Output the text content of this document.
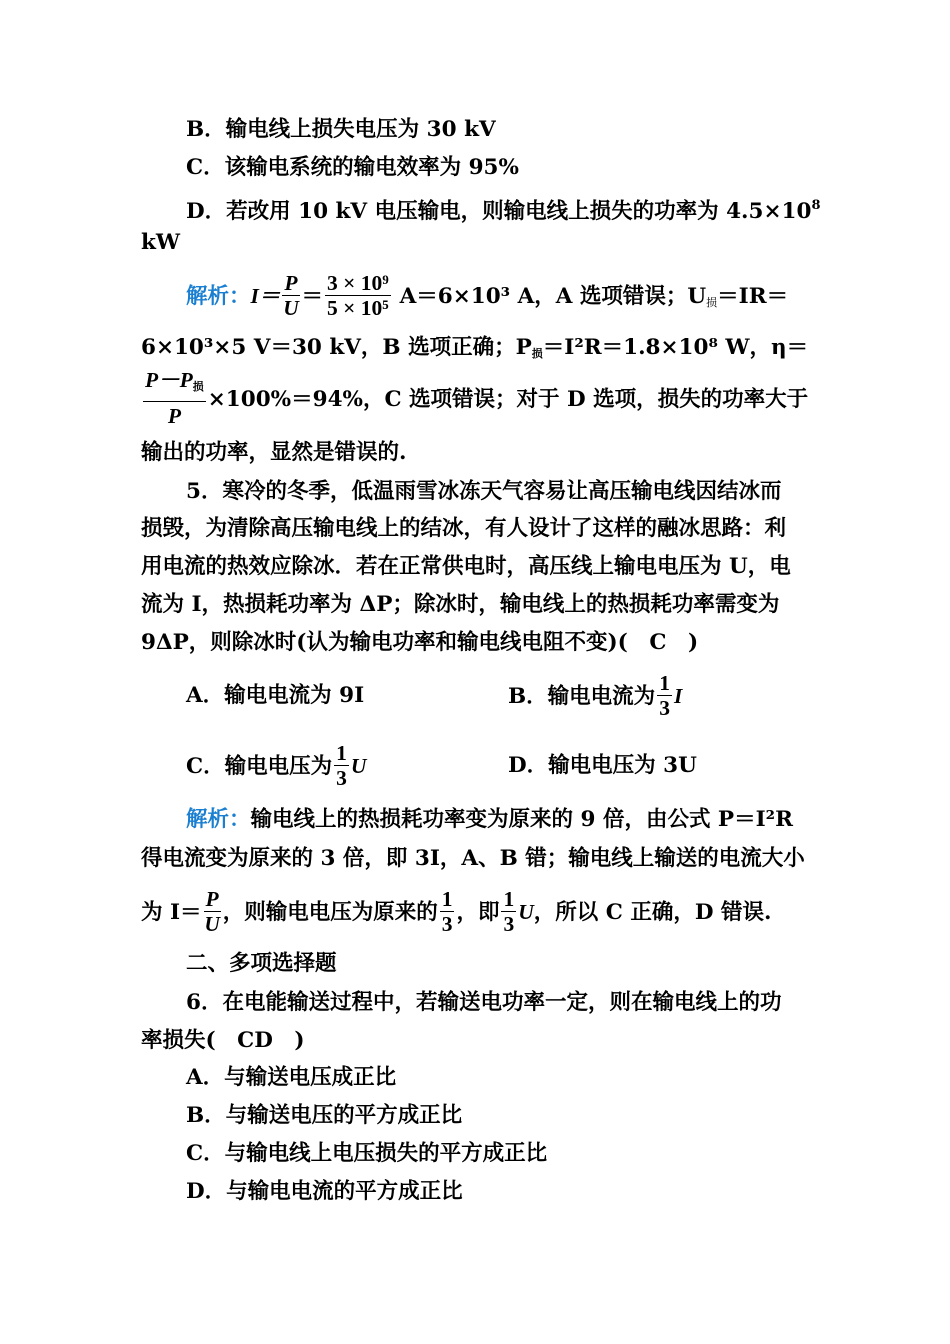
B．输电线上损失电压为 30 kV
C．该输电系统的输电效率为 95%
D．若改用 10 kV 电压输电，则输电线上损失的功率为 $4.5\times 10^8$
kW
解析：$I= \frac{P}{U} = \frac{\text{3 × 10⁹}}{\text{5 × 10⁵}} A=6\times 10^3$ A，A 选项错误；$U_损=IR=$
6×10³×5 V＝30 kV，B 选项正确；$P_损=I^2R=1.8\times 10^8$ W，η＝
$\frac{P-P_损}{P} \times 100\%=94\%$，C 选项错误；对于 D 选项，损失的功率大于
输出的功率，显然是错误的.
5．寒冷的冬季，低温雨雪冰冻天气容易让高压输电线因结冰而
损毁，为清除高压输电线上的结冰，有人设计了这样的融冰思路：利
用电流的热效应除冰．若在正常供电时，高压线上输电电压为 U，电
流为 I，热损耗功率为 ΔP；除冰时，输电线上的热损耗功率需变为
9ΔP，则除冰时(认为输电功率和输电线电阻不变)(　C　)
A．输电电流为 9I	B．输电电流为 $\frac{1}{3}$ I
C．输电电压为 $\frac{1}{3}$ U	D．输电电压为 3U
解析：输电线上的热损耗功率变为原来的 9 倍，由公式 P＝I²R
得电流变为原来的 3 倍，即 3I，A、B 错；输电线上输送的电流大小
为 $I= \frac{P}{U}$ ，则输电电压为原来的 $\frac{1}{3}$ ，即 $\frac{1}{3}$ U，所以 C 正确，D 错误.
二、多项选择题
6．在电能输送过程中，若输送电功率一定，则在输电线上的功
率损失(　CD　)
A．与输送电压成正比
B．与输送电压的平方成正比
C．与输电线上电压损失的平方成正比
D．与输电电流的平方成正比
